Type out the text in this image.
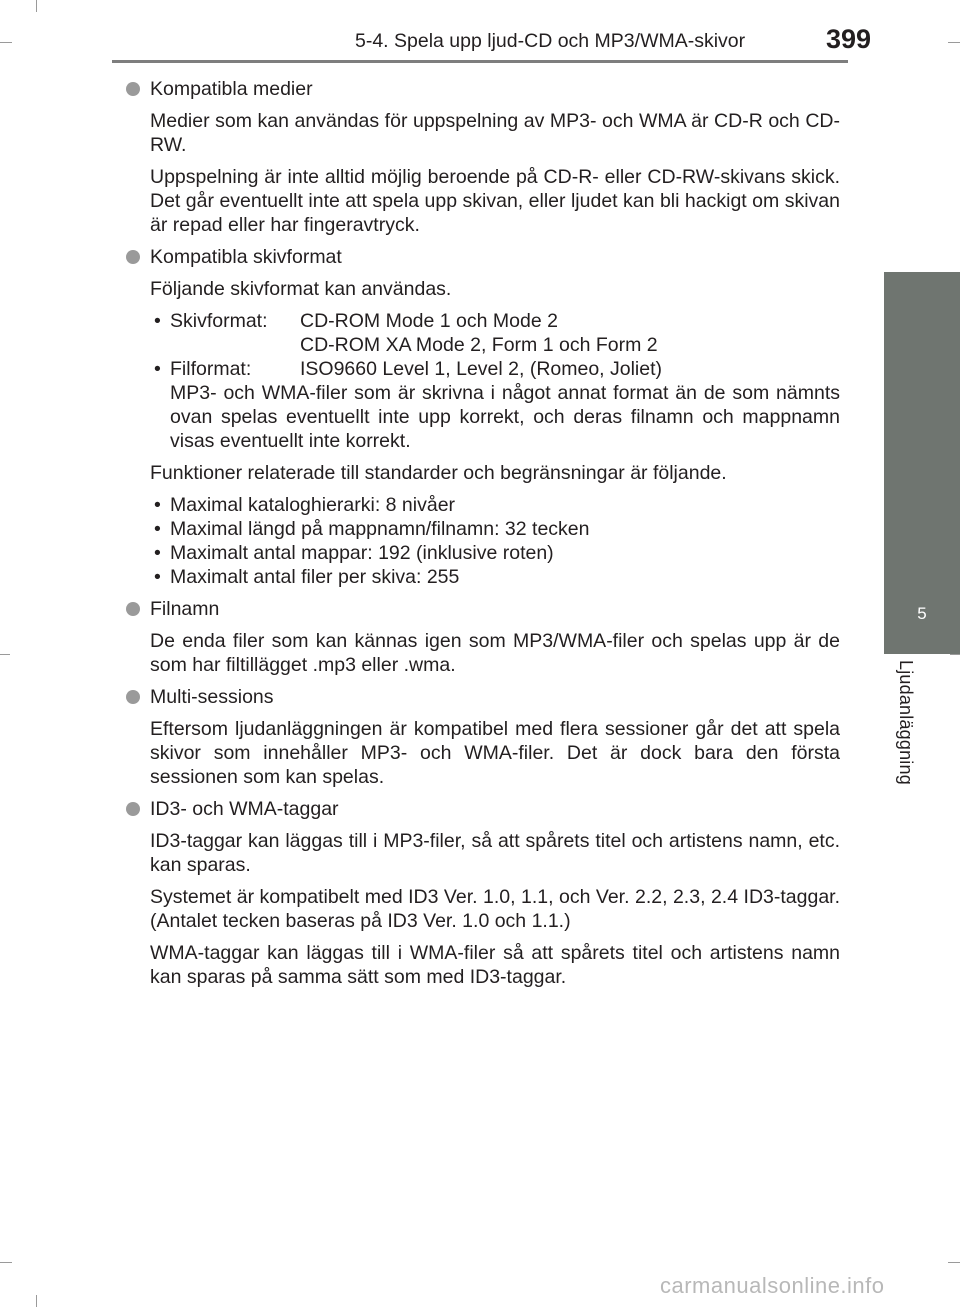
5-4. Spela upp ljud-CD och MP3/WMA-skivor	399
5
Ljudanläggning
Kompatibla medier

Medier som kan användas för uppspelning av MP3- och WMA är CD-R och CD-RW.

Uppspelning är inte alltid möjlig beroende på CD-R- eller CD-RW-skivans skick. Det går eventuellt inte att spela upp skivan, eller ljudet kan bli hackigt om skivan är repad eller har fingeravtryck.

Kompatibla skivformat

Följande skivformat kan användas.

• Skivformat: CD-ROM Mode 1 och Mode 2
CD-ROM XA Mode 2, Form 1 och Form 2
• Filformat: ISO9660 Level 1, Level 2, (Romeo, Joliet)
MP3- och WMA-filer som är skrivna i något annat format än de som nämnts ovan spelas eventuellt inte upp korrekt, och deras filnamn och mappnamn visas eventuellt inte korrekt.

Funktioner relaterade till standarder och begränsningar är följande.

• Maximal kataloghierarki: 8 nivåer
• Maximal längd på mappnamn/filnamn: 32 tecken
• Maximalt antal mappar: 192 (inklusive roten)
• Maximalt antal filer per skiva: 255
Filnamn

De enda filer som kan kännas igen som MP3/WMA-filer och spelas upp är de som har filtillägget .mp3 eller .wma.

Multi-sessions

Eftersom ljudanläggningen är kompatibel med flera sessioner går det att spela skivor som innehåller MP3- och WMA-filer. Det är dock bara den första sessionen som kan spelas.

ID3- och WMA-taggar

ID3-taggar kan läggas till i MP3-filer, så att spårets titel och artistens namn, etc. kan sparas.

Systemet är kompatibelt med ID3 Ver. 1.0, 1.1, och Ver. 2.2, 2.3, 2.4 ID3-taggar. (Antalet tecken baseras på ID3 Ver. 1.0 och 1.1.)

WMA-taggar kan läggas till i WMA-filer så att spårets titel och artistens namn kan sparas på samma sätt som med ID3-taggar.

carmanualsonline.info
